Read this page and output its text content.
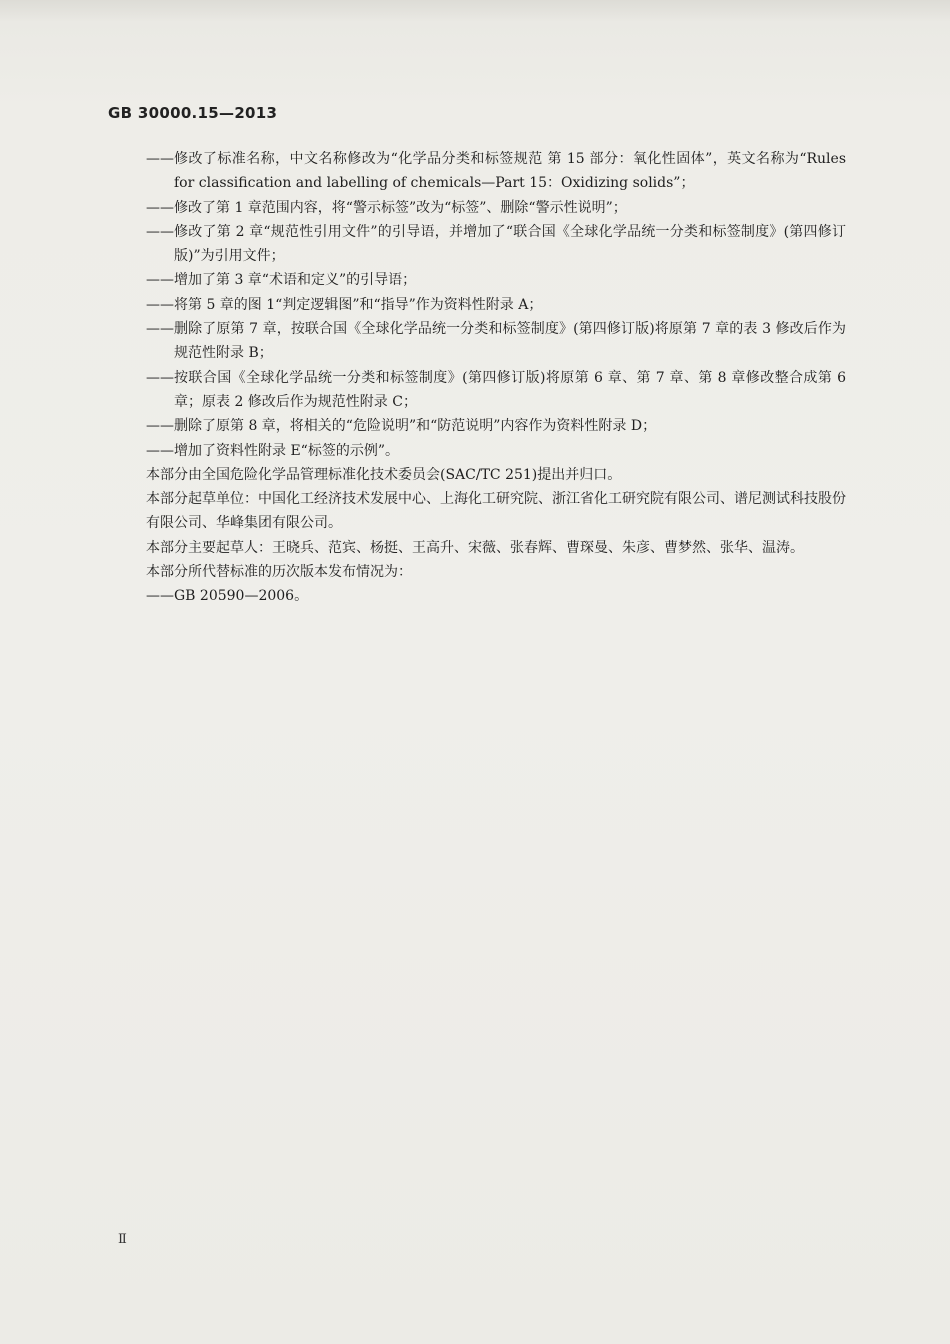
GB 30000.15—2013
—— 修改了标准名称，中文名称修改为“化学品分类和标签规范 第 15 部分：氧化性固体”，英文名称为“Rules for classification and labelling of chemicals—Part 15：Oxidizing solids”；
—— 修改了第 1 章范围内容，将“警示标签”改为“标签”、删除“警示性说明”；
—— 修改了第 2 章“规范性引用文件”的引导语，并增加了“联合国《全球化学品统一分类和标签制度》(第四修订版)”为引用文件；
—— 增加了第 3 章“术语和定义”的引导语；
—— 将第 5 章的图 1“判定逻辑图”和“指导”作为资料性附录 A；
—— 删除了原第 7 章，按联合国《全球化学品统一分类和标签制度》(第四修订版)将原第 7 章的表 3 修改后作为规范性附录 B；
—— 按联合国《全球化学品统一分类和标签制度》(第四修订版)将原第 6 章、第 7 章、第 8 章修改整合成第 6 章；原表 2 修改后作为规范性附录 C；
—— 删除了原第 8 章，将相关的“危险说明”和“防范说明”内容作为资料性附录 D；
—— 增加了资料性附录 E“标签的示例”。

本部分由全国危险化学品管理标准化技术委员会(SAC/TC 251)提出并归口。

本部分起草单位：中国化工经济技术发展中心、上海化工研究院、浙江省化工研究院有限公司、谱尼测试科技股份有限公司、华峰集团有限公司。

本部分主要起草人：王晓兵、范宾、杨挺、王高升、宋薇、张春辉、曹琛曼、朱彦、曹梦然、张华、温涛。

本部分所代替标准的历次版本发布情况为：

—— GB 20590—2006。
Ⅱ
